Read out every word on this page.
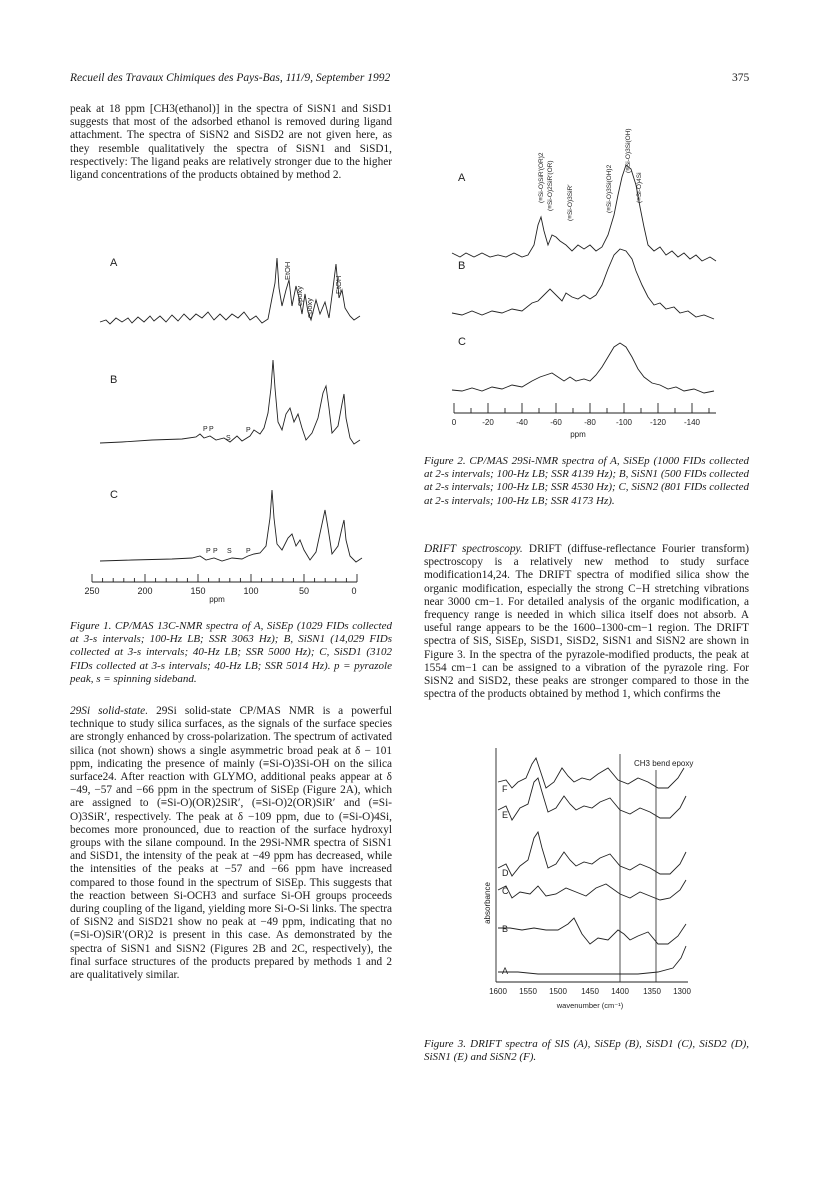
Recueil des Travaux Chimiques des Pays-Bas, 111/9, September 1992	375

peak at 18 ppm [CH3(ethanol)] in the spectra of SiSN1 and SiSD1 suggests that most of the adsorbed ethanol is removed during ligand attachment. The spectra of SiSN2 and SiSD2 are not given here, as they resemble qualitatively the spectra of SiSN1 and SiSD1, respectively: The ligand peaks are relatively stronger due to the higher ligand concentrations of the products obtained by method 2.

A
B
C
EtOH
epoxy
epoxy
EtOH
P P
S
P
P P S P
250	200	150	100	50	0
ppm
Figure 1. CP/MAS 13C-NMR spectra of A, SiSEp (1029 FIDs collected at 3-s intervals; 100-Hz LB; SSR 3063 Hz); B, SiSN1 (14,029 FIDs collected at 3-s intervals; 40-Hz LB; SSR 5000 Hz); C, SiSD1 (3102 FIDs collected at 3-s intervals; 40-Hz LB; SSR 5014 Hz). p = pyrazole peak, s = spinning sideband.

29Si solid-state. 29Si solid-state CP/MAS NMR is a powerful technique to study silica surfaces, as the signals of the surface species are strongly enhanced by cross-polarization. The spectrum of activated silica (not shown) shows a single asymmetric broad peak at δ − 101 ppm, indicating the presence of mainly (≡Si-O)3Si-OH on the silica surface24. After reaction with GLYMO, additional peaks appear at δ −49, −57 and −66 ppm in the spectrum of SiSEp (Figure 2A), which are assigned to (≡Si-O)(OR)2SiR′, (≡Si-O)2(OR)SiR′ and (≡Si-O)3SiR′, respectively. The peak at δ −109 ppm, due to (≡Si-O)4Si, becomes more pronounced, due to reaction of the surface hydroxyl groups with the silane compound. In the 29Si-NMR spectra of SiSN1 and SiSD1, the intensity of the peak at −49 ppm has decreased, while the intensities of the peaks at −57 and −66 ppm have increased compared to those found in the spectrum of SiSEp. This suggests that the reaction between Si-OCH3 and surface Si-OH groups proceeds during coupling of the ligand, yielding more Si-O-Si links. The spectra of SiSN2 and SiSD21 show no peak at −49 ppm, indicating that no (≡Si-O)SiR′(OR)2 is present in this case. As demonstrated by the spectra of SiSN1 and SiSN2 (Figures 2B and 2C, respectively), the final surface structures of the products prepared by methods 1 and 2 are qualitatively similar.

A
B
C
(≡Si-O)SiR′(OR)2 (≡Si-O)2SiR′(OR) (≡Si-O)3SiR′	(≡Si-O)3Si(OH)2
(≡Si-O)3Si(OH)
(≡Si-O)4Si
0	-20	-40	-60	-80	-100 -120 -140
ppm
Figure 2. CP/MAS 29Si-NMR spectra of A, SiSEp (1000 FIDs collected at 2-s intervals; 100-Hz LB; SSR 4139 Hz); B, SiSN1 (500 FIDs collected at 2-s intervals; 100-Hz LB; SSR 4530 Hz); C, SiSN2 (801 FIDs collected at 2-s intervals; 100-Hz LB; SSR 4173 Hz).

DRIFT spectroscopy. DRIFT (diffuse-reflectance Fourier transform) spectroscopy is a relatively new method to study surface modification14,24. The DRIFT spectra of modified silica show the organic modification, especially the strong C−H stretching vibrations near 3000 cm−1. For detailed analysis of the organic modification, a frequency range is needed in which silica itself does not absorb. A useful range appears to be the 1600–1300-cm−1 region. The DRIFT spectra of SiS, SiSEp, SiSD1, SiSD2, SiSN1 and SiSN2 are shown in Figure 3. In the spectra of the pyrazole-modified products, the peak at 1554 cm−1 can be assigned to a vibration of the pyrazole ring. For SiSN2 and SiSD2, these peaks are stronger compared to those in the spectra of the products obtained by method 1, which confirms the

CH3 bend epoxy
F
E
D
C
B
A
absorbance
1600 1550 1500 1450 1400 1350 1300
wavenumber (cm⁻¹)
Figure 3. DRIFT spectra of SIS (A), SiSEp (B), SiSD1 (C), SiSD2 (D), SiSN1 (E) and SiSN2 (F).
